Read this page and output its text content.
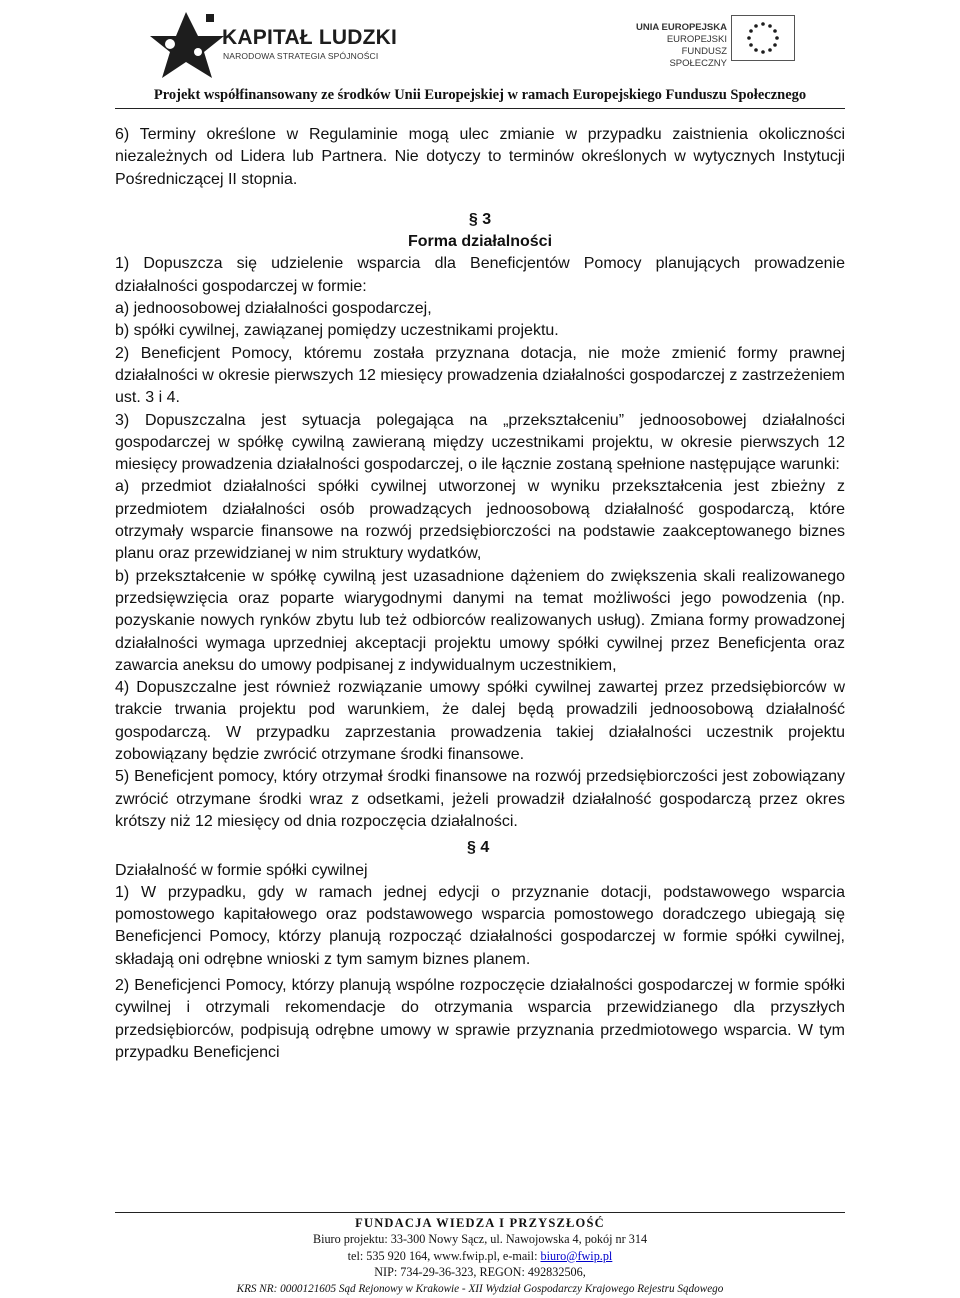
KAPITAŁ LUDZKI
NARODOWA STRATEGIA SPÓJNOŚCI
UNIA EUROPEJSKA
EUROPEJSKI
FUNDUSZ SPOŁECZNY
Projekt współfinansowany ze środków Unii Europejskiej w ramach Europejskiego Funduszu Społecznego

6) Terminy określone w Regulaminie mogą ulec zmianie w przypadku zaistnienia okoliczności niezależnych od Lidera lub Partnera. Nie dotyczy to terminów określonych w wytycznych Instytucji Pośredniczącej II stopnia.

§ 3

Forma działalności

1) Dopuszcza się udzielenie wsparcia dla Beneficjentów Pomocy planujących prowadzenie działalności gospodarczej w formie:

a) jednoosobowej działalności gospodarczej,

b) spółki cywilnej, zawiązanej pomiędzy uczestnikami projektu.

2) Beneficjent Pomocy, któremu została przyznana dotacja, nie może zmienić formy prawnej działalności w okresie pierwszych 12 miesięcy prowadzenia działalności gospodarczej z zastrzeżeniem ust. 3 i 4.

3) Dopuszczalna jest sytuacja polegająca na „przekształceniu” jednoosobowej działalności gospodarczej w spółkę cywilną zawieraną między uczestnikami projektu, w okresie pierwszych 12 miesięcy prowadzenia działalności gospodarczej, o ile łącznie zostaną spełnione następujące warunki:

a) przedmiot działalności spółki cywilnej utworzonej w wyniku przekształcenia jest zbieżny z przedmiotem działalności osób prowadzących jednoosobową działalność gospodarczą, które otrzymały wsparcie finansowe na rozwój przedsiębiorczości na podstawie zaakceptowanego biznes planu oraz przewidzianej w nim struktury wydatków,

b) przekształcenie w spółkę cywilną jest uzasadnione dążeniem do zwiększenia skali realizowanego przedsięwzięcia oraz poparte wiarygodnymi danymi na temat możliwości jego powodzenia (np. pozyskanie nowych rynków zbytu lub też odbiorców realizowanych usług). Zmiana formy prowadzonej działalności wymaga uprzedniej akceptacji projektu umowy spółki cywilnej przez Beneficjenta oraz zawarcia aneksu do umowy podpisanej z indywidualnym uczestnikiem,

4) Dopuszczalne jest również rozwiązanie umowy spółki cywilnej zawartej przez przedsiębiorców w trakcie trwania projektu pod warunkiem, że dalej będą prowadzili jednoosobową działalność gospodarczą. W przypadku zaprzestania prowadzenia takiej działalności uczestnik projektu zobowiązany będzie zwrócić otrzymane środki finansowe.

5) Beneficjent pomocy, który otrzymał środki finansowe na rozwój przedsiębiorczości jest zobowiązany zwrócić otrzymane środki wraz z odsetkami, jeżeli prowadził działalność gospodarczą przez okres krótszy niż 12 miesięcy od dnia rozpoczęcia działalności.

§ 4

Działalność w formie spółki cywilnej

1) W przypadku, gdy w ramach jednej edycji o przyznanie dotacji, podstawowego wsparcia pomostowego kapitałowego oraz podstawowego wsparcia pomostowego doradczego ubiegają się Beneficjenci Pomocy, którzy planują rozpocząć działalności gospodarczej w formie spółki cywilnej, składają oni odrębne wnioski z tym samym biznes planem.

2) Beneficjenci Pomocy, którzy planują wspólne rozpoczęcie działalności gospodarczej w formie spółki cywilnej i otrzymali rekomendacje do otrzymania wsparcia przewidzianego dla przyszłych przedsiębiorców, podpisują odrębne umowy w sprawie przyznania przedmiotowego wsparcia. W tym przypadku Beneficjenci

FUNDACJA WIEDZA I PRZYSZŁOŚĆ
Biuro projektu: 33-300 Nowy Sącz, ul. Nawojowska 4, pokój nr 314
tel: 535 920 164, www.fwip.pl, e-mail: biuro@fwip.pl
NIP: 734-29-36-323, REGON: 492832506,
KRS NR: 0000121605 Sąd Rejonowy w Krakowie - XII Wydział Gospodarczy Krajowego Rejestru Sądowego
